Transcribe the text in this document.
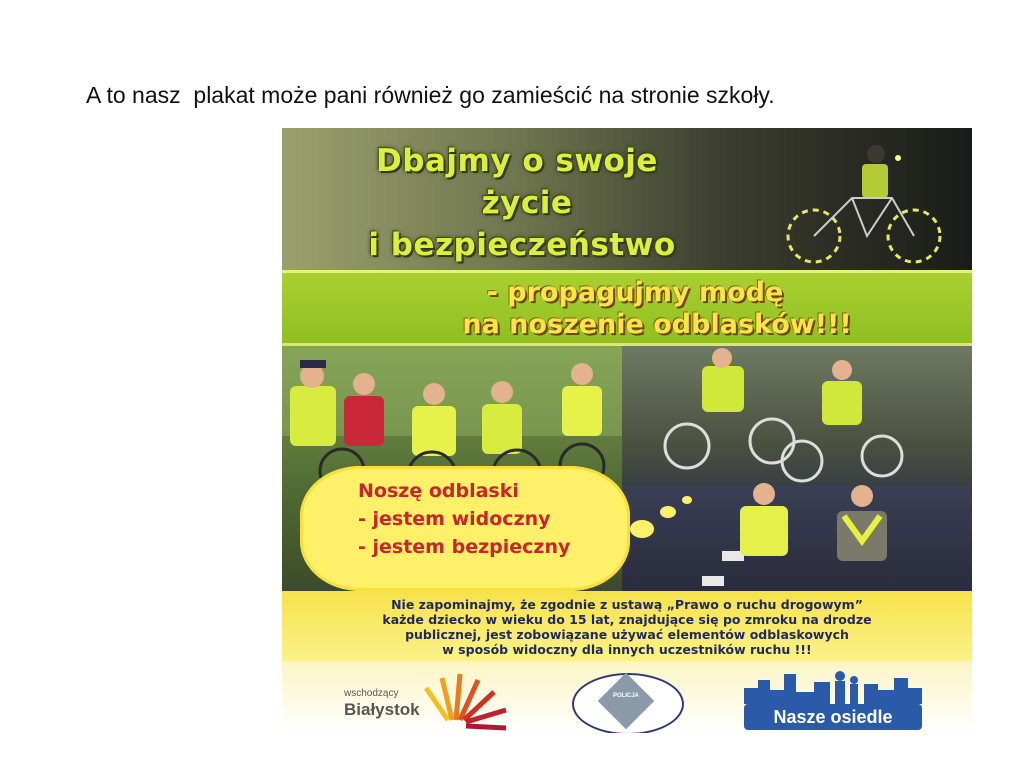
A to nasz  plakat może pani również go zamieścić na stronie szkoły.
Dbajmy o swoje
życie
i bezpieczeństwo
- propagujmy modę
na noszenie odblasków!!!
Noszę odblaski
- jestem widoczny
- jestem bezpieczny
Nie zapominajmy, że zgodnie z ustawą „Prawo o ruchu drogowym”
każde dziecko w wieku do 15 lat, znajdujące się po zmroku na drodze
publicznej, jest zobowiązane używać elementów odblaskowych
w sposób widoczny dla innych uczestników ruchu !!!
wschodzący
Białystok
POLICJA
Nasze osiedle
